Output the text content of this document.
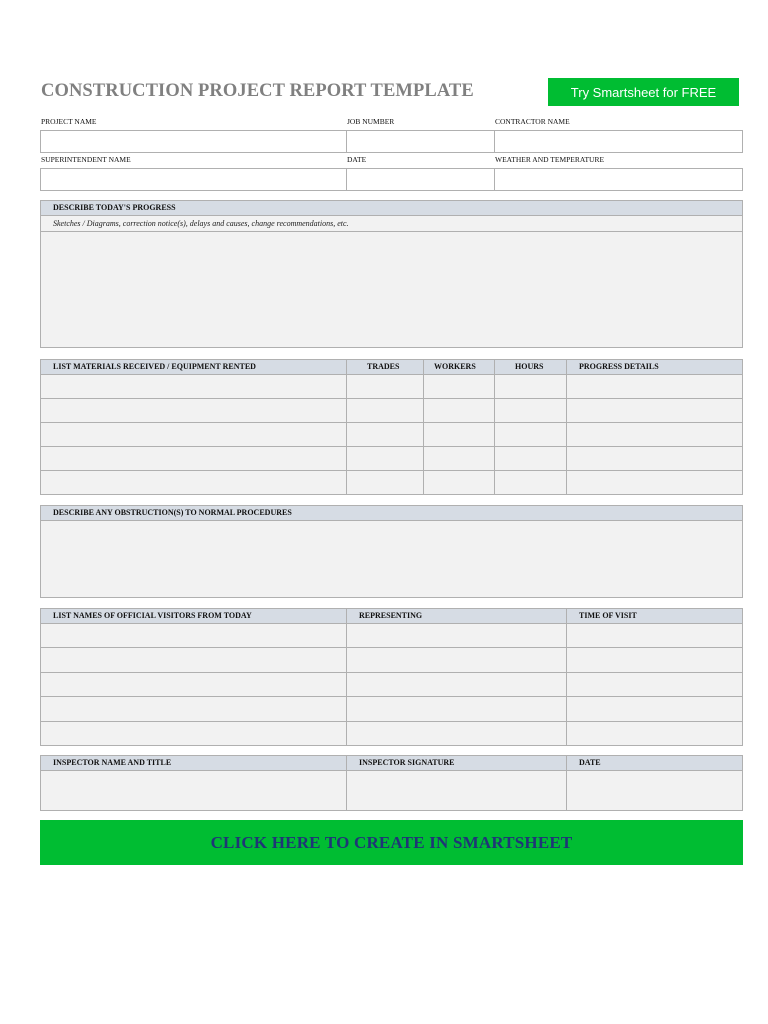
CONSTRUCTION PROJECT REPORT TEMPLATE	Try Smartsheet for FREE
PROJECT NAME	JOB NUMBER	CONTRACTOR NAME
SUPERINTENDENT NAME	DATE	WEATHER AND TEMPERATURE
DESCRIBE TODAY'S PROGRESS
Sketches / Diagrams, correction notice(s), delays and causes, change recommendations, etc.
LIST MATERIALS RECEIVED / EQUIPMENT RENTED	TRADES	WORKERS	HOURS	PROGRESS DETAILS
DESCRIBE ANY OBSTRUCTION(S) TO NORMAL PROCEDURES
LIST NAMES OF OFFICIAL VISITORS FROM TODAY	REPRESENTING	TIME OF VISIT
INSPECTOR NAME AND TITLE	INSPECTOR SIGNATURE	DATE
CLICK HERE TO CREATE IN SMARTSHEET
